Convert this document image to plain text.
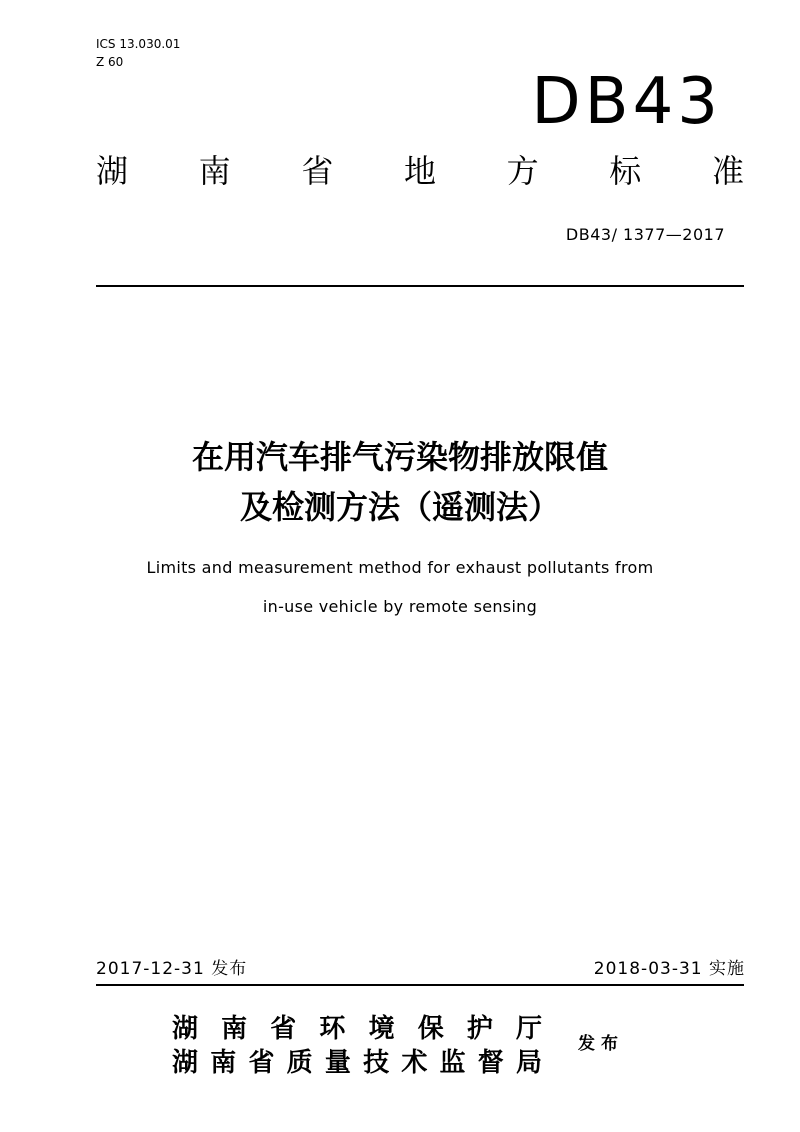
ICS 13.030.01
Z 60
DB43
湖 南 省 地 方 标 准
DB43/ 1377—2017
在用汽车排气污染物排放限值
及检测方法（遥测法）
Limits and measurement method for exhaust pollutants from
in-use vehicle by remote sensing
2017-12-31 发布	2018-03-31 实施
湖 南 省 环 境 保 护 厅
湖 南 省 质 量 技 术 监 督 局
发布
